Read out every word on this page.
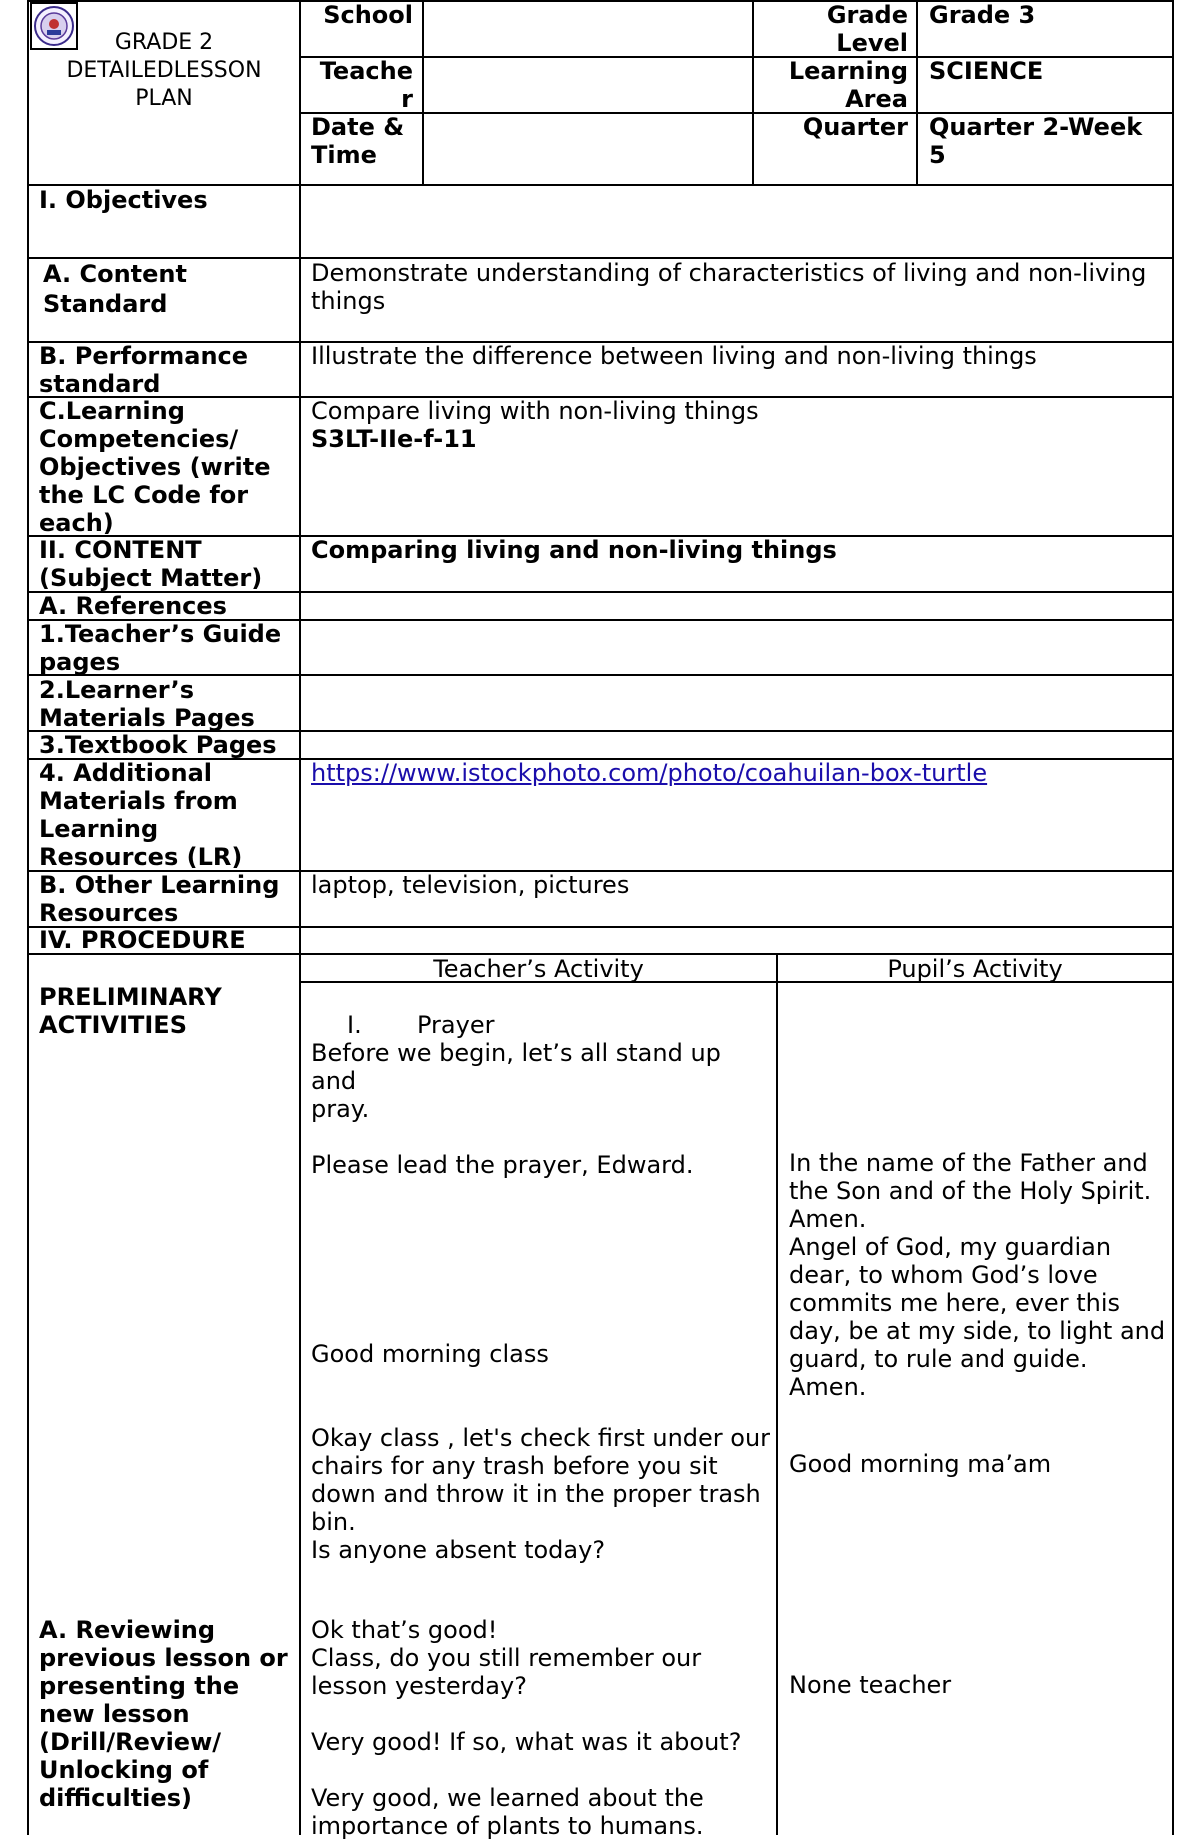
GRADE 2
DETAILEDLESSON
PLAN
School
Teache
r
Date &
Time
Grade
Level
Grade 3
Learning
Area
SCIENCE
Quarter Quarter 2-Week
5
I. Objectives
A. Content
Standard
Demonstrate understanding of characteristics of living and non-living
things
B. Performance
standard
Illustrate the difference between living and non-living things
C.Learning
Competencies/
Objectives (write
the LC Code for
each)
Compare living with non-living things
S3LT-IIe-f-11
II. CONTENT
(Subject Matter)
Comparing living and non-living things
A. References
1.Teacher’s Guide
pages
2.Learner’s
Materials Pages
3.Textbook Pages
4. Additional
Materials from
Learning
Resources (LR)
https://www.istockphoto.com/photo/coahuilan-box-turtle
B. Other Learning
Resources
laptop, television, pictures
IV. PROCEDURE
Teacher’s Activity	Pupil’s Activity
PRELIMINARY
ACTIVITIES
A. Reviewing
previous lesson or
presenting the
new lesson
(Drill/Review/
Unlocking of
difficulties)
I.	Prayer
Before we begin, let’s all stand up and
pray.

Please lead the prayer, Edward.
Good morning class
Okay class , let's check first under our
chairs for any trash before you sit
down and throw it in the proper trash
bin.
Is anyone absent today?
Ok that’s good!
Class, do you still remember our
lesson yesterday?

Very good! If so, what was it about?

Very good, we learned about the
importance of plants to humans.
In the name of the Father and
the Son and of the Holy Spirit.
Amen.
Angel of God, my guardian
dear, to whom God’s love
commits me here, ever this
day, be at my side, to light and
guard, to rule and guide.
Amen.
Good morning ma’am
None teacher
